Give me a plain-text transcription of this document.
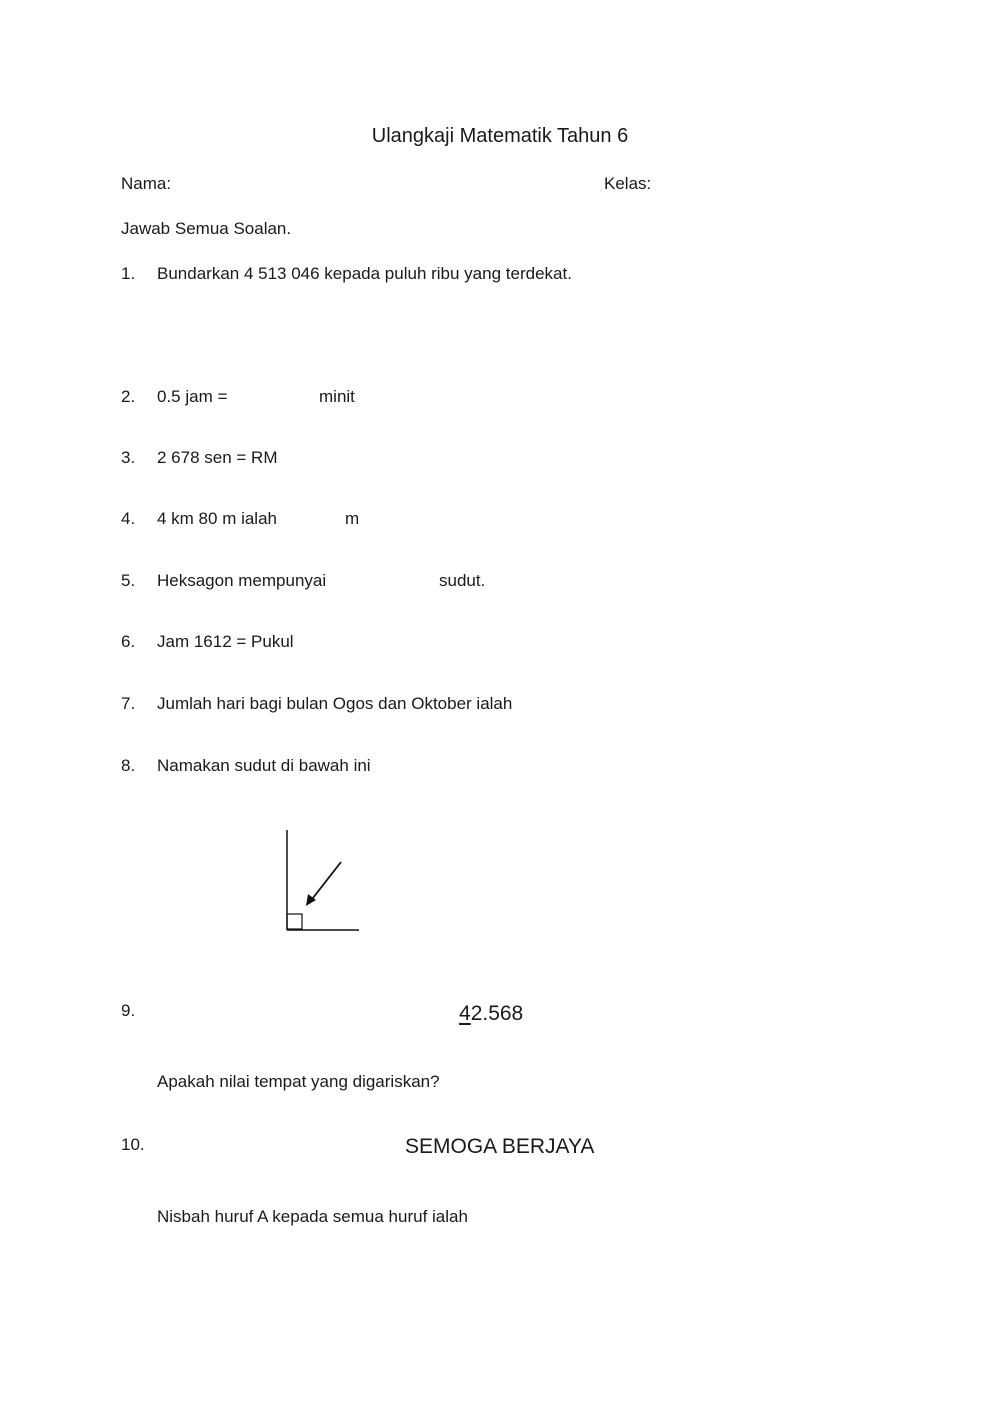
Ulangkaji Matematik Tahun 6
Nama:	Kelas:
Jawab Semua Soalan.
1. Bundarkan 4 513 046 kepada puluh ribu yang terdekat.
2. 0.5 jam =	minit
3. 2 678 sen = RM
4. 4 km 80 m ialah	m
5. Heksagon mempunyai	sudut.
6. Jam 1612 = Pukul
7. Jumlah hari bagi bulan Ogos dan Oktober ialah
8. Namakan sudut di bawah ini
9.	42.568
Apakah nilai tempat yang digariskan?
10.	SEMOGA BERJAYA
Nisbah huruf A kepada semua huruf ialah
